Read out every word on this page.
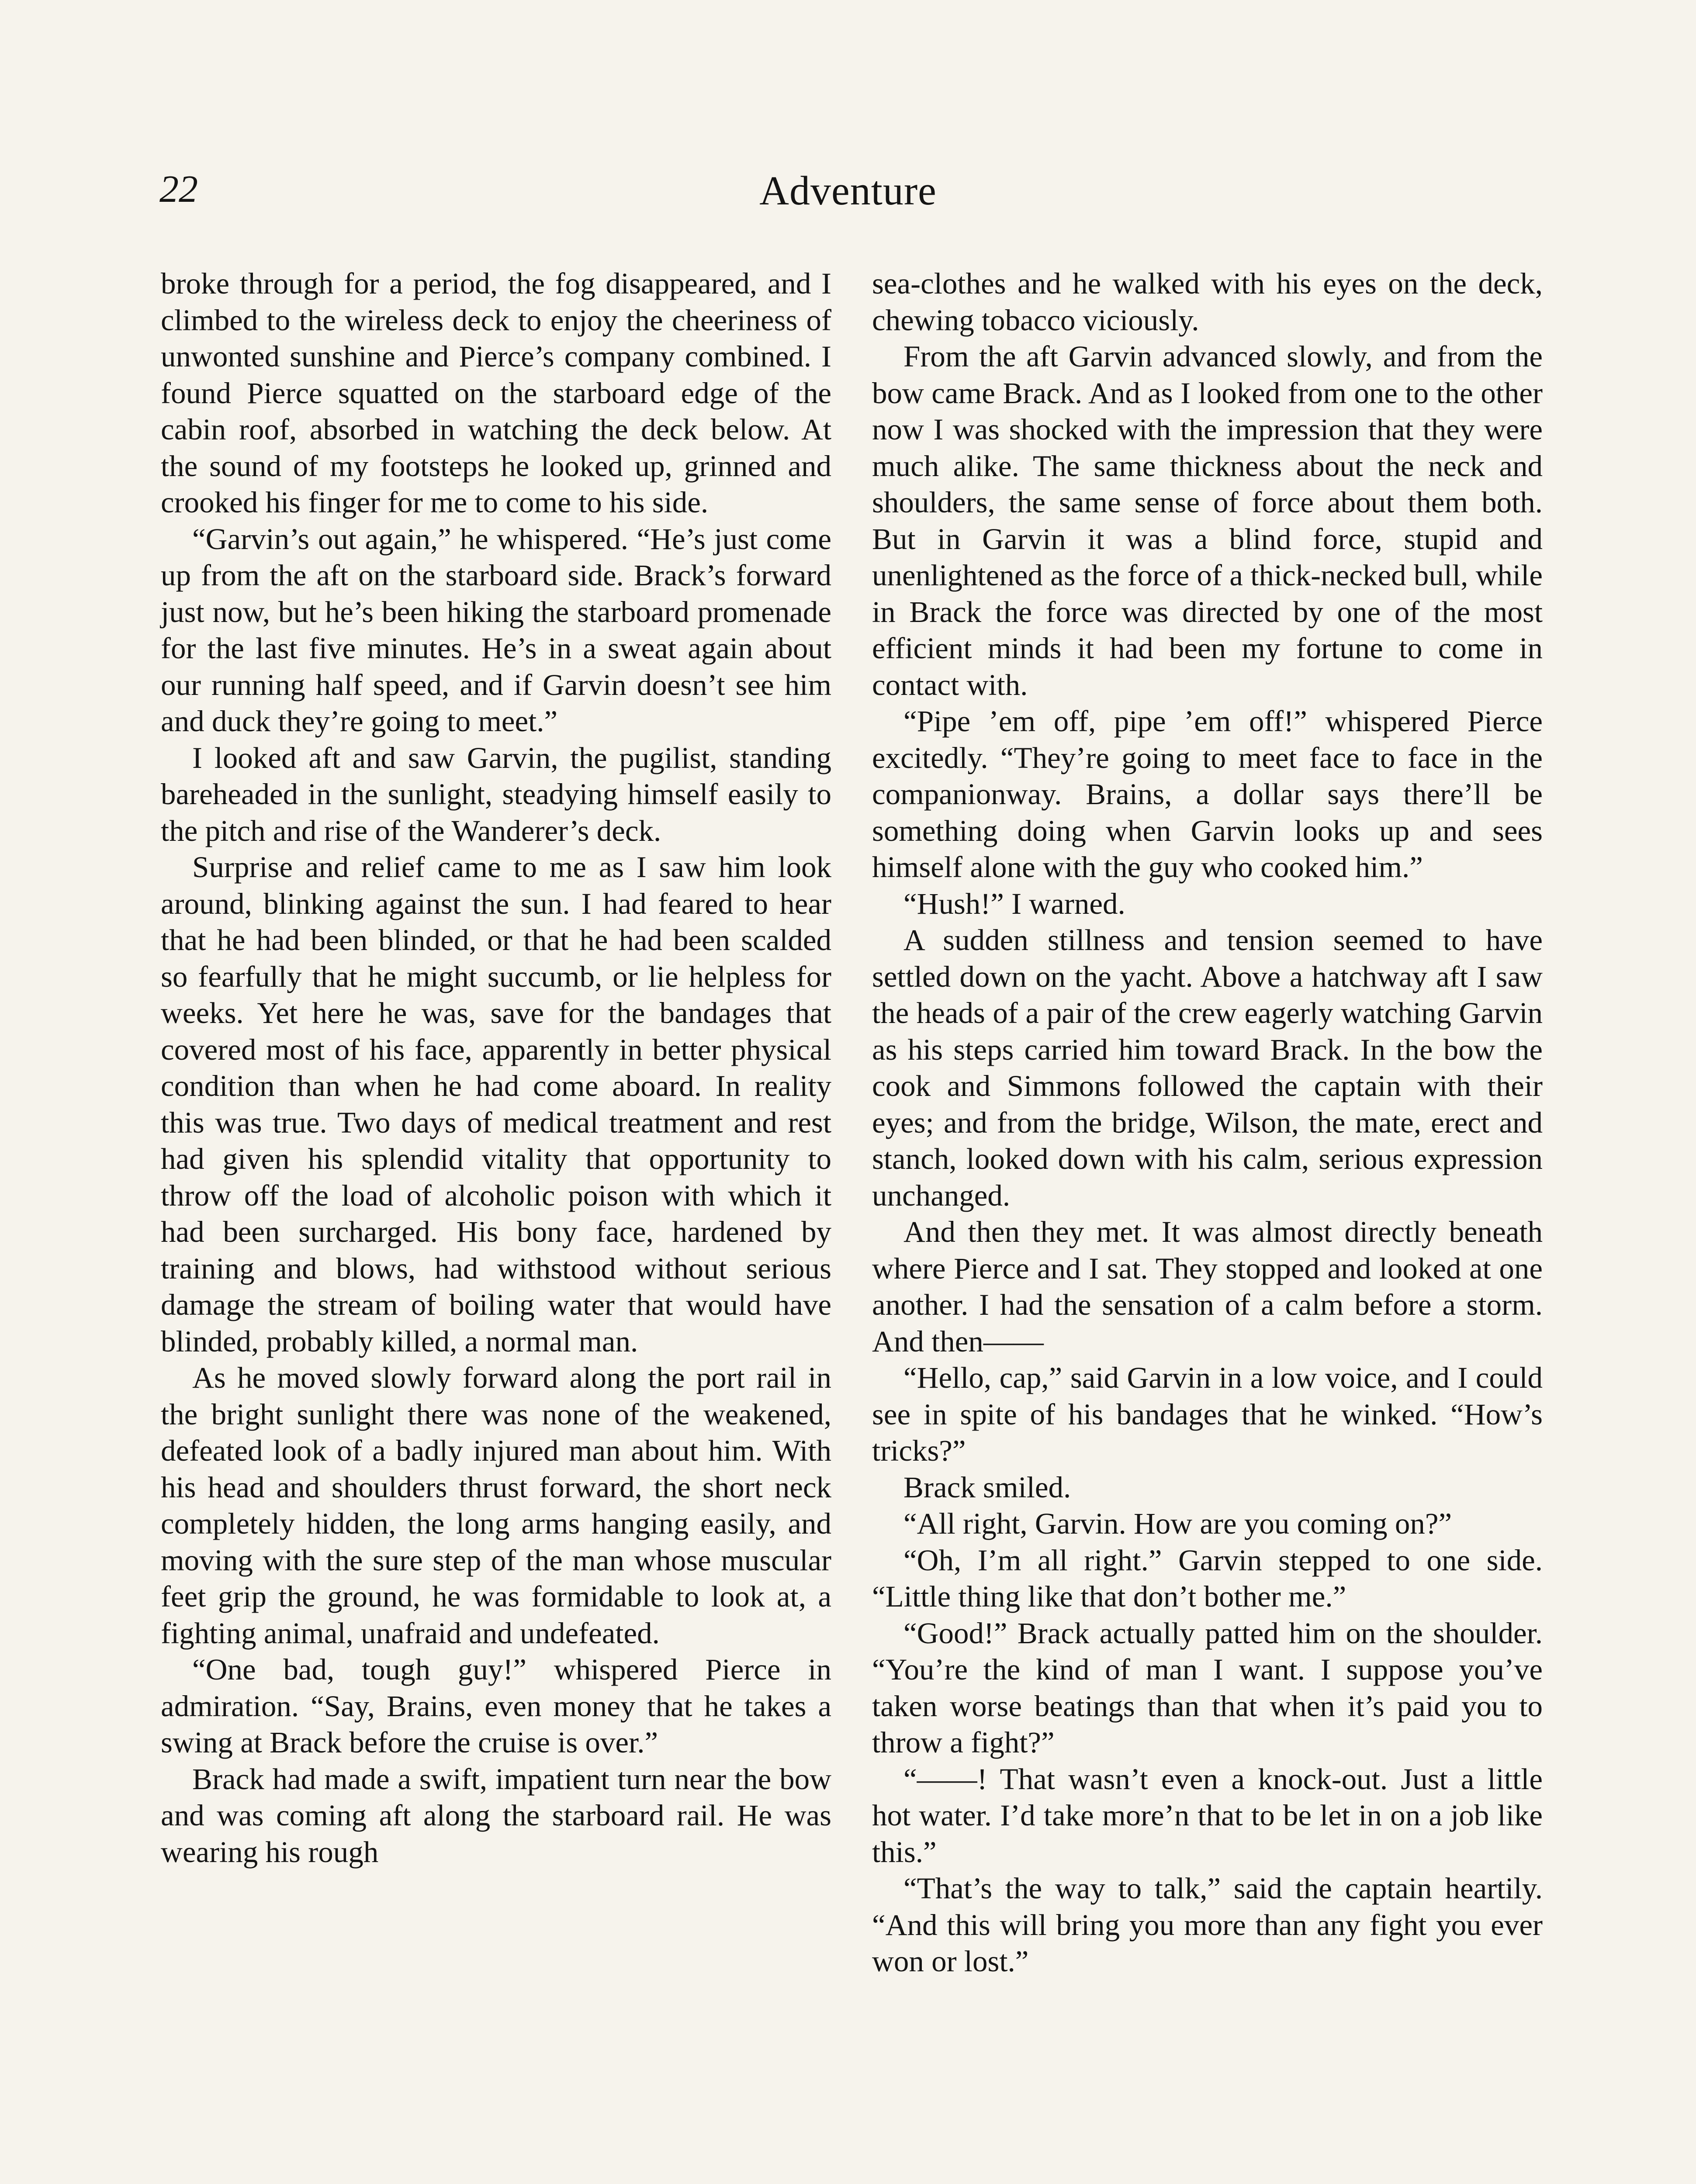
22	Adventure

broke through for a period, the fog disappeared, and I climbed to the wireless deck to enjoy the cheeriness of unwonted sunshine and Pierce’s company combined. I found Pierce squatted on the starboard edge of the cabin roof, absorbed in watching the deck below. At the sound of my footsteps he looked up, grinned and crooked his finger for me to come to his side.

“Garvin’s out again,” he whispered. “He’s just come up from the aft on the starboard side. Brack’s forward just now, but he’s been hiking the starboard promenade for the last five minutes. He’s in a sweat again about our running half speed, and if Garvin doesn’t see him and duck they’re going to meet.”

I looked aft and saw Garvin, the pugilist, standing bareheaded in the sunlight, steadying himself easily to the pitch and rise of the Wanderer’s deck.

Surprise and relief came to me as I saw him look around, blinking against the sun. I had feared to hear that he had been blinded, or that he had been scalded so fearfully that he might succumb, or lie helpless for weeks. Yet here he was, save for the bandages that covered most of his face, apparently in better physical condition than when he had come aboard. In reality this was true. Two days of medical treatment and rest had given his splendid vitality that opportunity to throw off the load of alcoholic poison with which it had been surcharged. His bony face, hardened by training and blows, had withstood without serious damage the stream of boiling water that would have blinded, probably killed, a normal man.

As he moved slowly forward along the port rail in the bright sunlight there was none of the weakened, defeated look of a badly injured man about him. With his head and shoulders thrust forward, the short neck completely hidden, the long arms hanging easily, and moving with the sure step of the man whose muscular feet grip the ground, he was formidable to look at, a fighting animal, unafraid and undefeated.

“One bad, tough guy!” whispered Pierce in admiration. “Say, Brains, even money that he takes a swing at Brack before the cruise is over.”

Brack had made a swift, impatient turn near the bow and was coming aft along the starboard rail. He was wearing his rough

sea-clothes and he walked with his eyes on the deck, chewing tobacco viciously.

From the aft Garvin advanced slowly, and from the bow came Brack. And as I looked from one to the other now I was shocked with the impression that they were much alike. The same thickness about the neck and shoulders, the same sense of force about them both. But in Garvin it was a blind force, stupid and unenlightened as the force of a thick-necked bull, while in Brack the force was directed by one of the most efficient minds it had been my fortune to come in contact with.

“Pipe ’em off, pipe ’em off!” whispered Pierce excitedly. “They’re going to meet face to face in the companionway. Brains, a dollar says there’ll be something doing when Garvin looks up and sees himself alone with the guy who cooked him.”

“Hush!” I warned.

A sudden stillness and tension seemed to have settled down on the yacht. Above a hatchway aft I saw the heads of a pair of the crew eagerly watching Garvin as his steps carried him toward Brack. In the bow the cook and Simmons followed the captain with their eyes; and from the bridge, Wilson, the mate, erect and stanch, looked down with his calm, serious expression unchanged.

And then they met. It was almost directly beneath where Pierce and I sat. They stopped and looked at one another. I had the sensation of a calm before a storm. And then——

“Hello, cap,” said Garvin in a low voice, and I could see in spite of his bandages that he winked. “How’s tricks?”

Brack smiled.

“All right, Garvin. How are you coming on?”

“Oh, I’m all right.” Garvin stepped to one side. “Little thing like that don’t bother me.”

“Good!” Brack actually patted him on the shoulder. “You’re the kind of man I want. I suppose you’ve taken worse beatings than that when it’s paid you to throw a fight?”

“——! That wasn’t even a knock-out. Just a little hot water. I’d take more’n that to be let in on a job like this.”

“That’s the way to talk,” said the captain heartily. “And this will bring you more than any fight you ever won or lost.”
